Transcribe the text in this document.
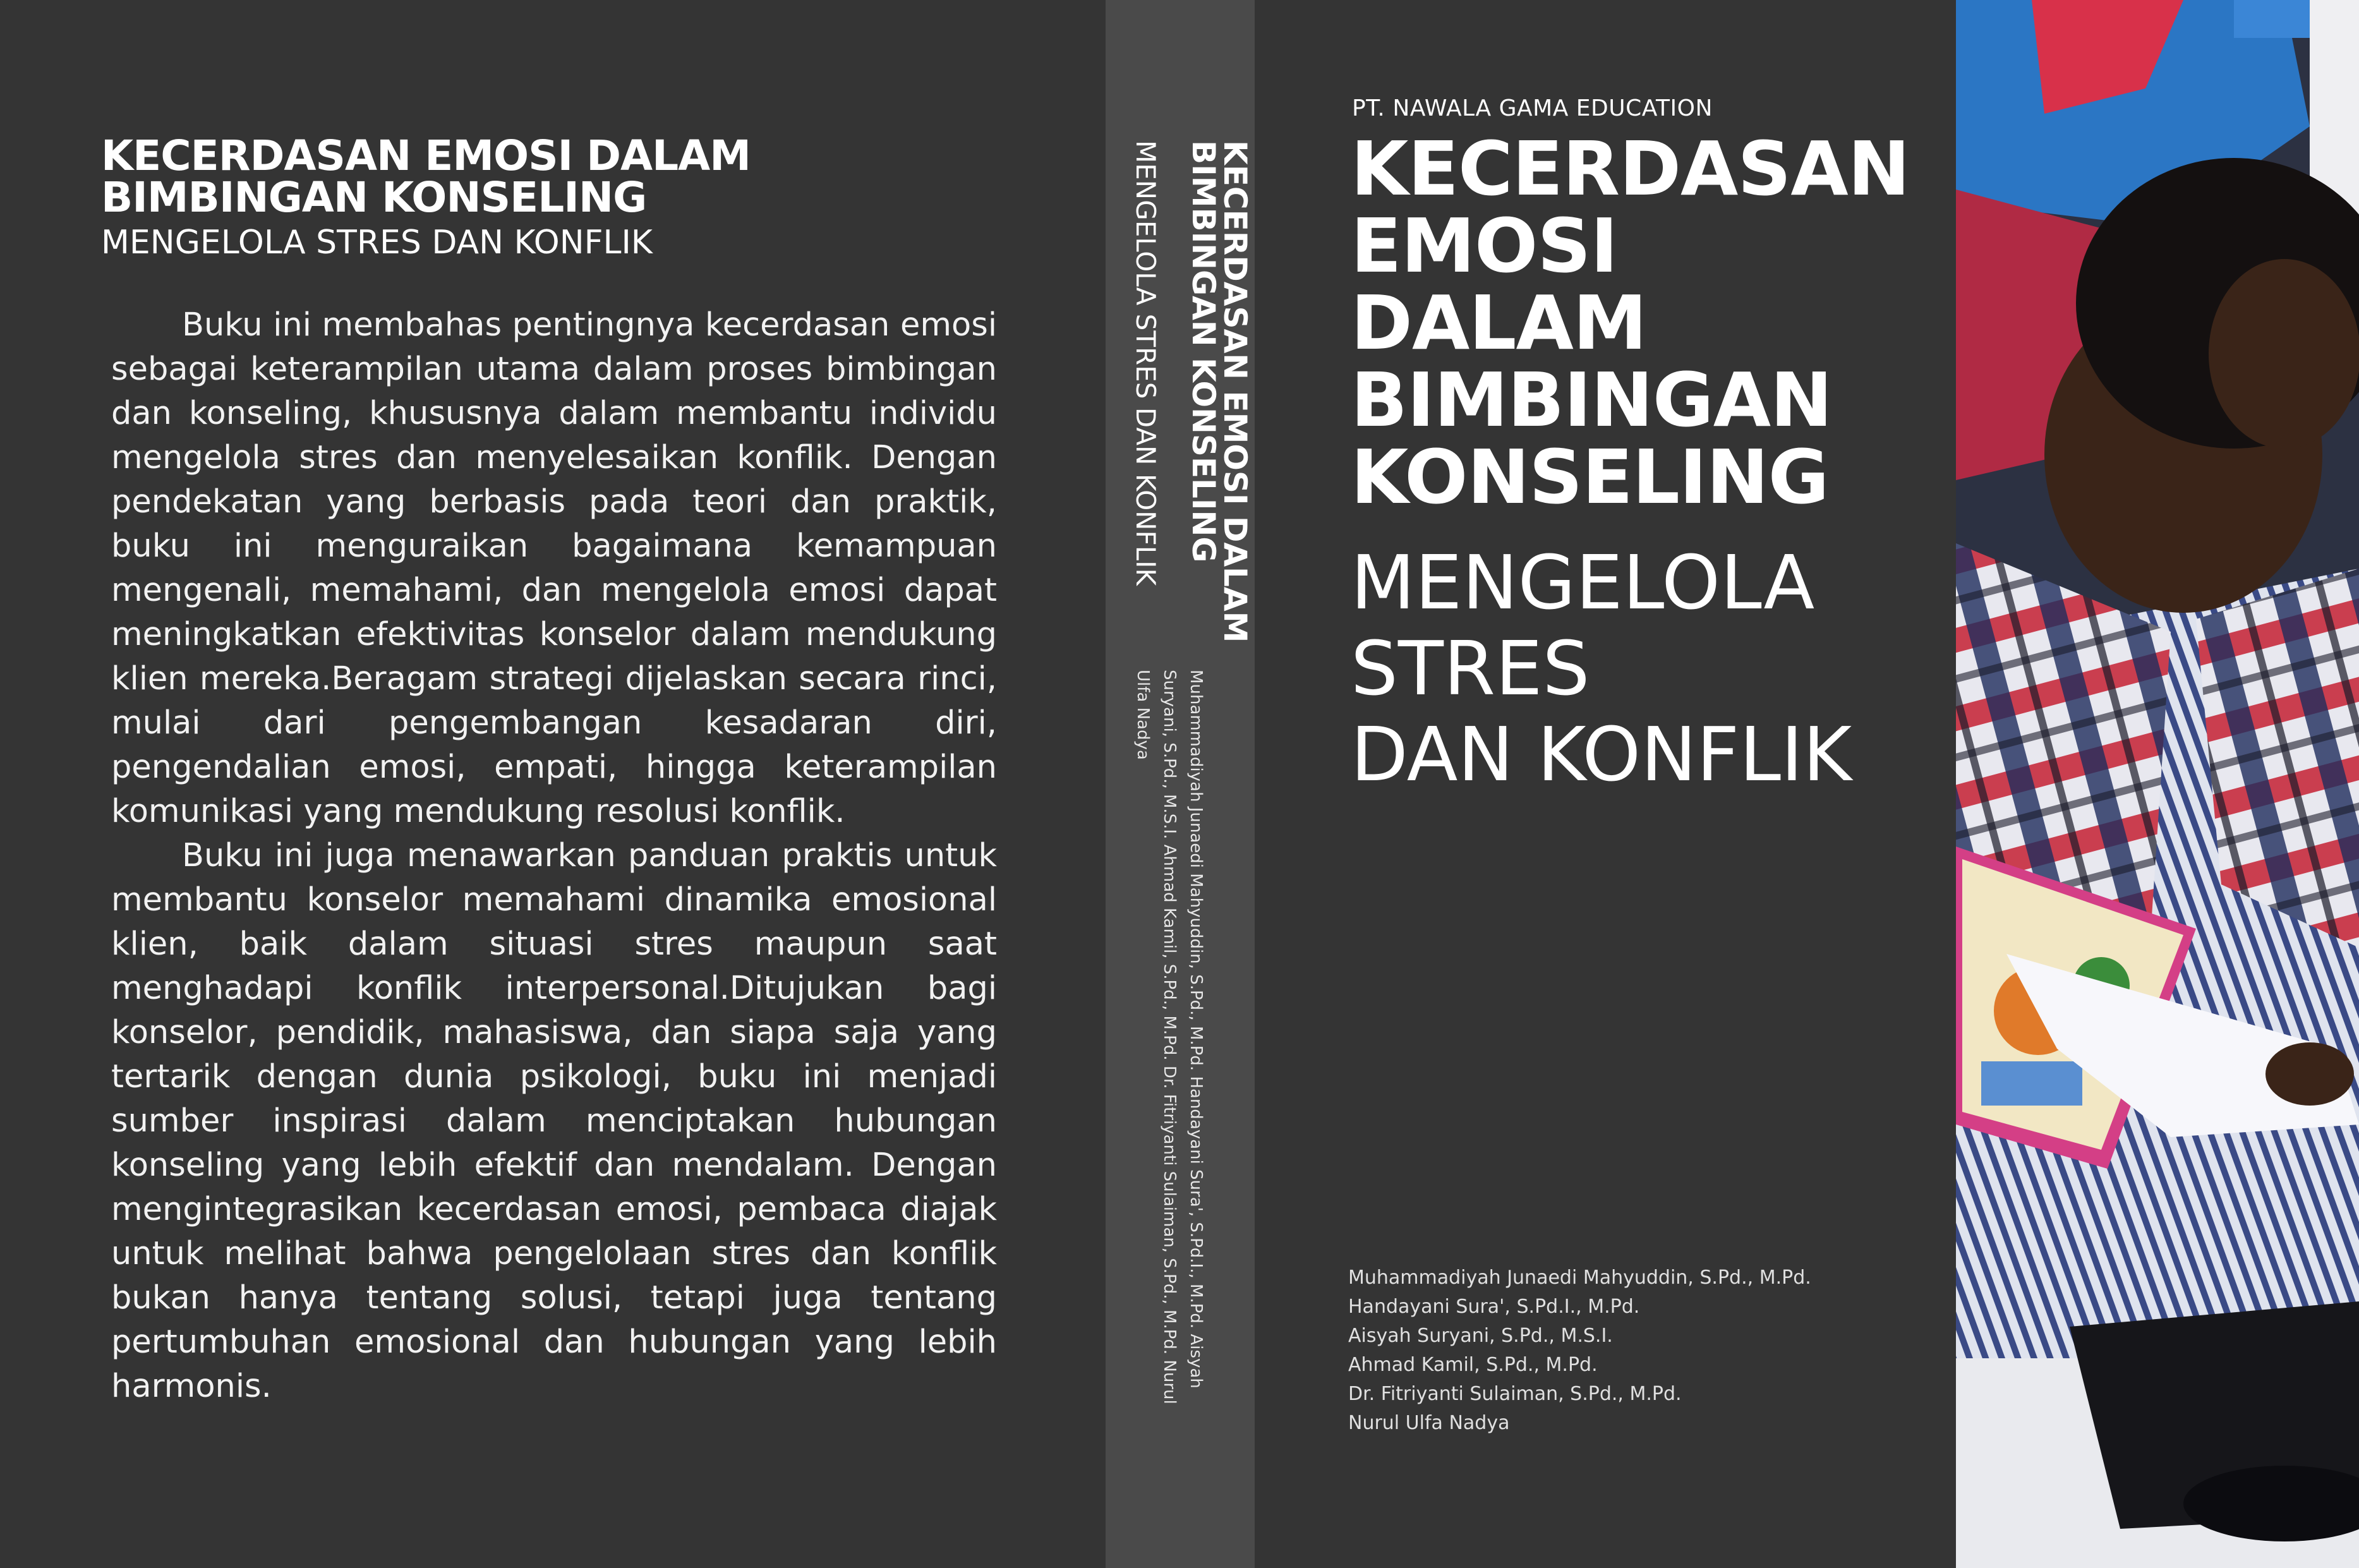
KECERDASAN EMOSI DALAM
BIMBINGAN KONSELING
MENGELOLA STRES DAN KONFLIK

Buku ini membahas pentingnya kecerdasan emosi sebagai keterampilan utama dalam proses bimbingan dan konseling, khususnya dalam membantu individu mengelola stres dan menyelesaikan konflik. Dengan pendekatan yang berbasis pada teori dan praktik, buku ini menguraikan bagaimana kemampuan mengenali, memahami, dan mengelola emosi dapat meningkatkan efektivitas konselor dalam mendukung klien mereka.Beragam strategi dijelaskan secara rinci, mulai dari pengembangan kesadaran diri, pengendalian emosi, empati, hingga keterampilan komunikasi yang mendukung resolusi konflik.

Buku ini juga menawarkan panduan praktis untuk membantu konselor memahami dinamika emosional klien, baik dalam situasi stres maupun saat menghadapi konflik interpersonal.Ditujukan bagi konselor, pendidik, mahasiswa, dan siapa saja yang tertarik dengan dunia psikologi, buku ini menjadi sumber inspirasi dalam menciptakan hubungan konseling yang lebih efektif dan mendalam. Dengan mengintegrasikan kecerdasan emosi, pembaca diajak untuk melihat bahwa pengelolaan stres dan konflik bukan hanya tentang solusi, tetapi juga tentang pertumbuhan emosional dan hubungan yang lebih harmonis.

KECERDASAN EMOSI DALAM
BIMBINGAN KONSELING
MENGELOLA STRES DAN KONFLIK
Muhammadiyah Junaedi Mahyuddin, S.Pd., M.Pd. Handayani Sura', S.Pd.I., M.Pd. Aisyah Suryani, S.Pd., M.S.I. Ahmad Kamil, S.Pd., M.Pd. Dr. Fitriyanti Sulaiman, S.Pd., M.Pd. Nurul Ulfa Nadya
PT. NAWALA GAMA EDUCATION
KECERDASAN
EMOSI
DALAM
BIMBINGAN
KONSELING
MENGELOLA
STRES
DAN KONFLIK
Muhammadiyah Junaedi Mahyuddin, S.Pd., M.Pd.
Handayani Sura', S.Pd.I., M.Pd.
Aisyah Suryani, S.Pd., M.S.I.
Ahmad Kamil, S.Pd., M.Pd.
Dr. Fitriyanti Sulaiman, S.Pd., M.Pd.
Nurul Ulfa Nadya
